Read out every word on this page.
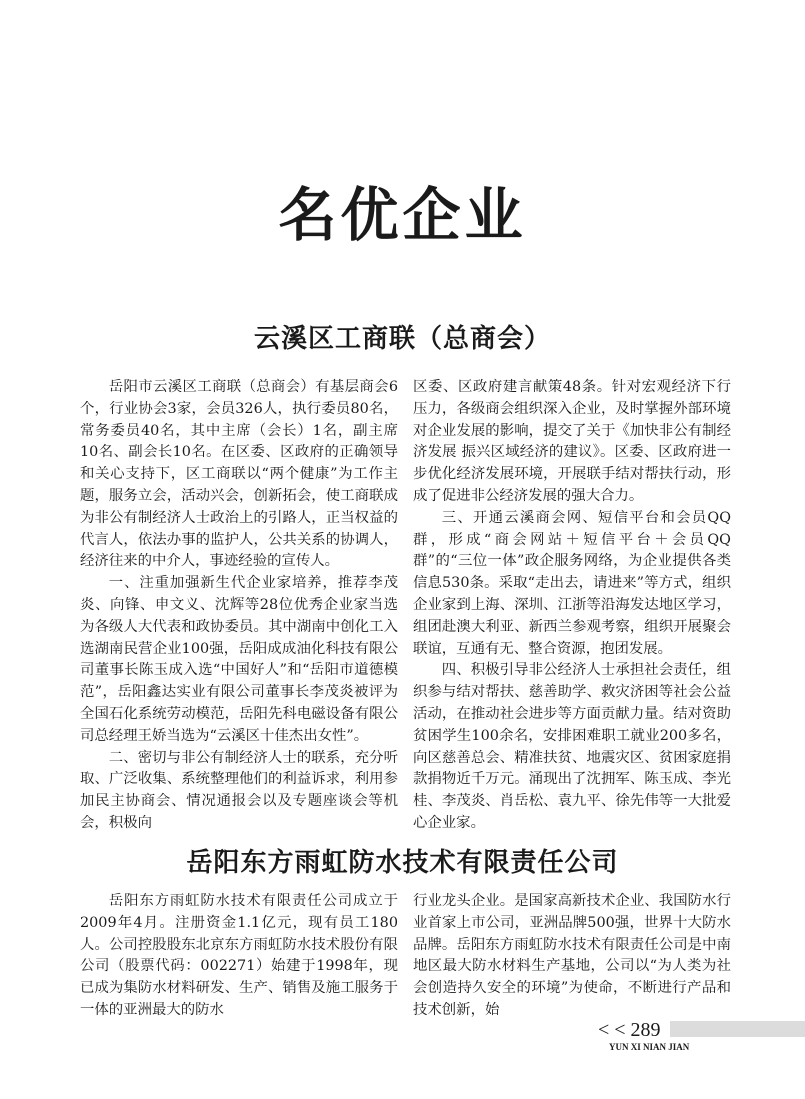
名优企业
云溪区工商联（总商会）

岳阳市云溪区工商联（总商会）有基层商会6个，行业协会3家，会员326人，执行委员80名，常务委员40名，其中主席（会长）1名，副主席10名、副会长10名。在区委、区政府的正确领导和关心支持下，区工商联以“两个健康”为工作主题，服务立会，活动兴会，创新拓会，使工商联成为非公有制经济人士政治上的引路人，正当权益的代言人，依法办事的监护人，公共关系的协调人，经济往来的中介人，事迹经验的宣传人。

一、注重加强新生代企业家培养，推荐李茂炎、向锋、申文义、沈辉等28位优秀企业家当选为各级人大代表和政协委员。其中湖南中创化工入选湖南民营企业100强，岳阳成成油化科技有限公司董事长陈玉成入选“中国好人”和“岳阳市道德模范”，岳阳鑫达实业有限公司董事长李茂炎被评为全国石化系统劳动模范，岳阳先科电磁设备有限公司总经理王娇当选为“云溪区十佳杰出女性”。

二、密切与非公有制经济人士的联系，充分听取、广泛收集、系统整理他们的利益诉求，利用参加民主协商会、情况通报会以及专题座谈会等机会，积极向

区委、区政府建言献策48条。针对宏观经济下行压力，各级商会组织深入企业，及时掌握外部环境对企业发展的影响，提交了关于《加快非公有制经济发展 振兴区域经济的建议》。区委、区政府进一步优化经济发展环境，开展联手结对帮扶行动，形成了促进非公经济发展的强大合力。

三、开通云溪商会网、短信平台和会员QQ群，形成“商会网站＋短信平台＋会员QQ群”的“三位一体”政企服务网络，为企业提供各类信息530条。采取“走出去，请进来”等方式，组织企业家到上海、深圳、江浙等沿海发达地区学习，组团赴澳大利亚、新西兰参观考察，组织开展聚会联谊，互通有无、整合资源，抱团发展。

四、积极引导非公经济人士承担社会责任，组织参与结对帮扶、慈善助学、救灾济困等社会公益活动，在推动社会进步等方面贡献力量。结对资助贫困学生100余名，安排困难职工就业200多名，向区慈善总会、精准扶贫、地震灾区、贫困家庭捐款捐物近千万元。涌现出了沈拥军、陈玉成、李光桂、李茂炎、肖岳松、袁九平、徐先伟等一大批爱心企业家。

岳阳东方雨虹防水技术有限责任公司

岳阳东方雨虹防水技术有限责任公司成立于2009年4月。注册资金1.1亿元，现有员工180人。公司控股股东北京东方雨虹防水技术股份有限公司（股票代码：002271）始建于1998年，现已成为集防水材料研发、生产、销售及施工服务于一体的亚洲最大的防水

行业龙头企业。是国家高新技术企业、我国防水行业首家上市公司，亚洲品牌500强，世界十大防水品牌。岳阳东方雨虹防水技术有限责任公司是中南地区最大防水材料生产基地，公司以“为人类为社会创造持久安全的环境”为使命，不断进行产品和技术创新，始

< < 289
YUN XI NIAN JIAN
